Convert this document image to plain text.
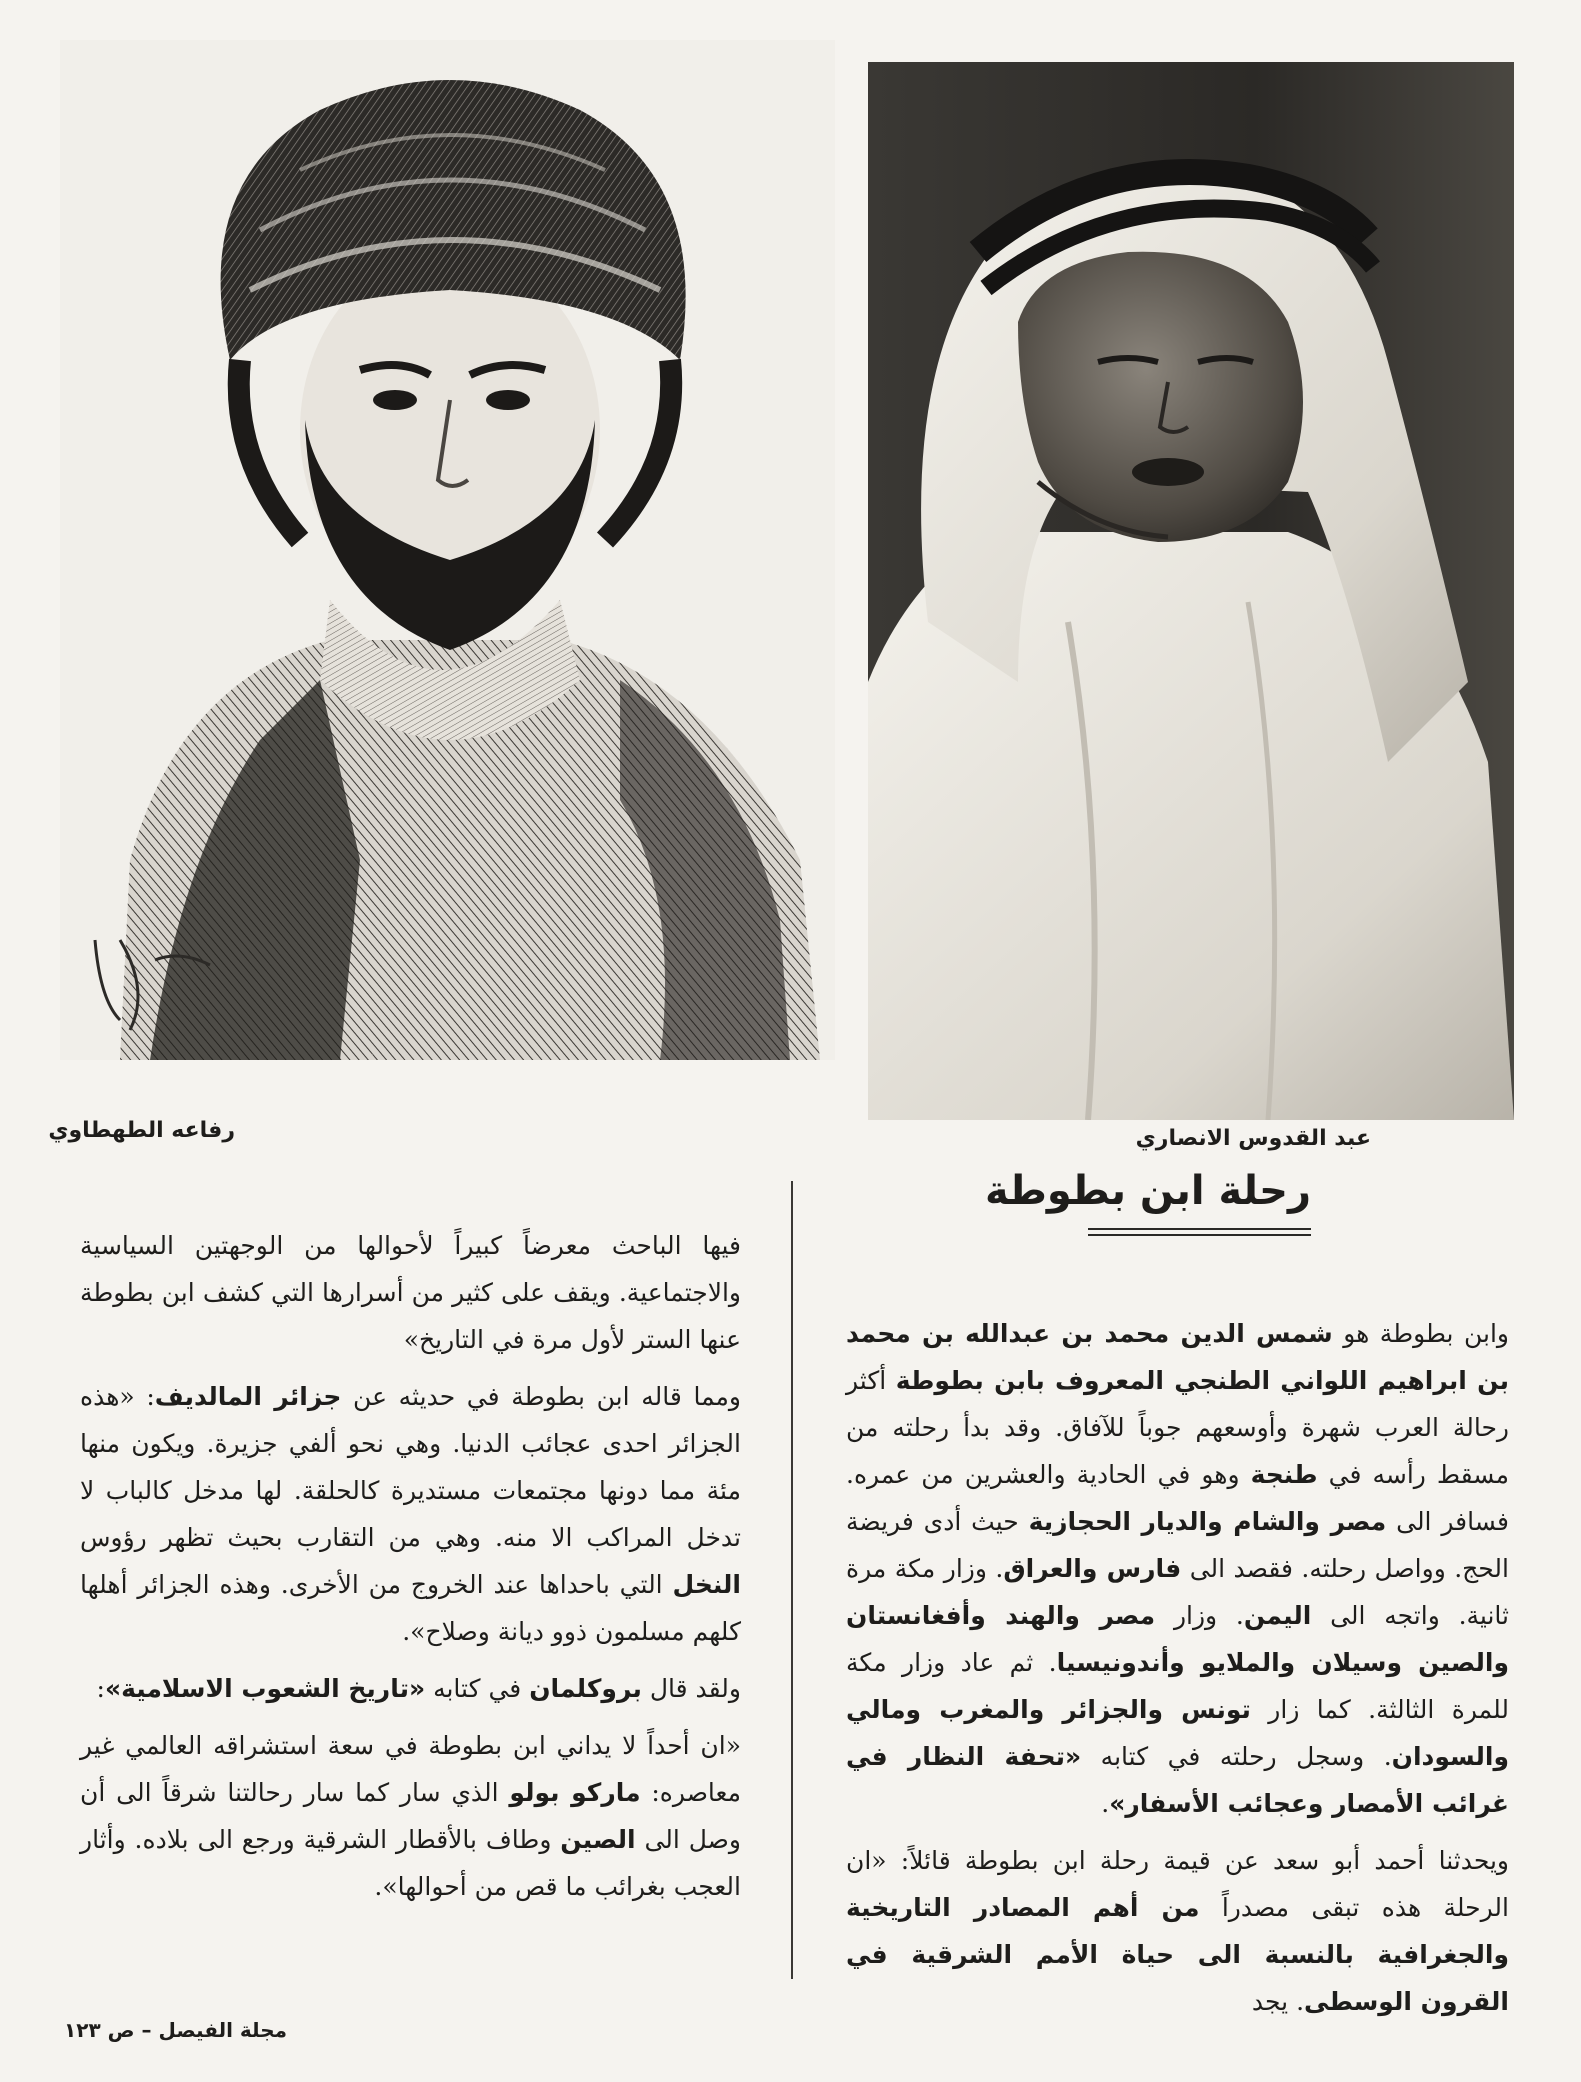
رفاعه الطهطاوي	عبد القدوس الانصاري
رحلة ابن بطوطة

وابن بطوطة هو شمس الدين محمد بن عبدالله بن محمد بن ابراهيم اللواني الطنجي المعروف بابن بطوطة أكثر رحالة العرب شهرة وأوسعهم جوباً للآفاق. وقد بدأ رحلته من مسقط رأسه في طنجة وهو في الحادية والعشرين من عمره. فسافر الى مصر والشام والديار الحجازية حيث أدى فريضة الحج. وواصل رحلته. فقصد الى فارس والعراق. وزار مكة مرة ثانية. واتجه الى اليمن. وزار مصر والهند وأفغانستان والصين وسيلان والملايو وأندونيسيا. ثم عاد وزار مكة للمرة الثالثة. كما زار تونس والجزائر والمغرب ومالي والسودان. وسجل رحلته في كتابه «تحفة النظار في غرائب الأمصار وعجائب الأسفار».

ويحدثنا أحمد أبو سعد عن قيمة رحلة ابن بطوطة قائلاً: «ان الرحلة هذه تبقى مصدراً من أهم المصادر التاريخية والجغرافية بالنسبة الى حياة الأمم الشرقية في القرون الوسطى. يجد

فيها الباحث معرضاً كبيراً لأحوالها من الوجهتين السياسية والاجتماعية. ويقف على كثير من أسرارها التي كشف ابن بطوطة عنها الستر لأول مرة في التاريخ»

ومما قاله ابن بطوطة في حديثه عن جزائر المالديف: «هذه الجزائر احدى عجائب الدنيا. وهي نحو ألفي جزيرة. ويكون منها مئة مما دونها مجتمعات مستديرة كالحلقة. لها مدخل كالباب لا تدخل المراكب الا منه. وهي من التقارب بحيث تظهر رؤوس النخل التي باحداها عند الخروج من الأخرى. وهذه الجزائر أهلها كلهم مسلمون ذوو ديانة وصلاح».

ولقد قال بروكلمان في كتابه «تاريخ الشعوب الاسلامية»:

«ان أحداً لا يداني ابن بطوطة في سعة استشراقه العالمي غير معاصره: ماركو بولو الذي سار كما سار رحالتنا شرقاً الى أن وصل الى الصين وطاف بالأقطار الشرقية ورجع الى بلاده. وأثار العجب بغرائب ما قص من أحوالها».

مجلة الفيصل – ص ١٢٣
